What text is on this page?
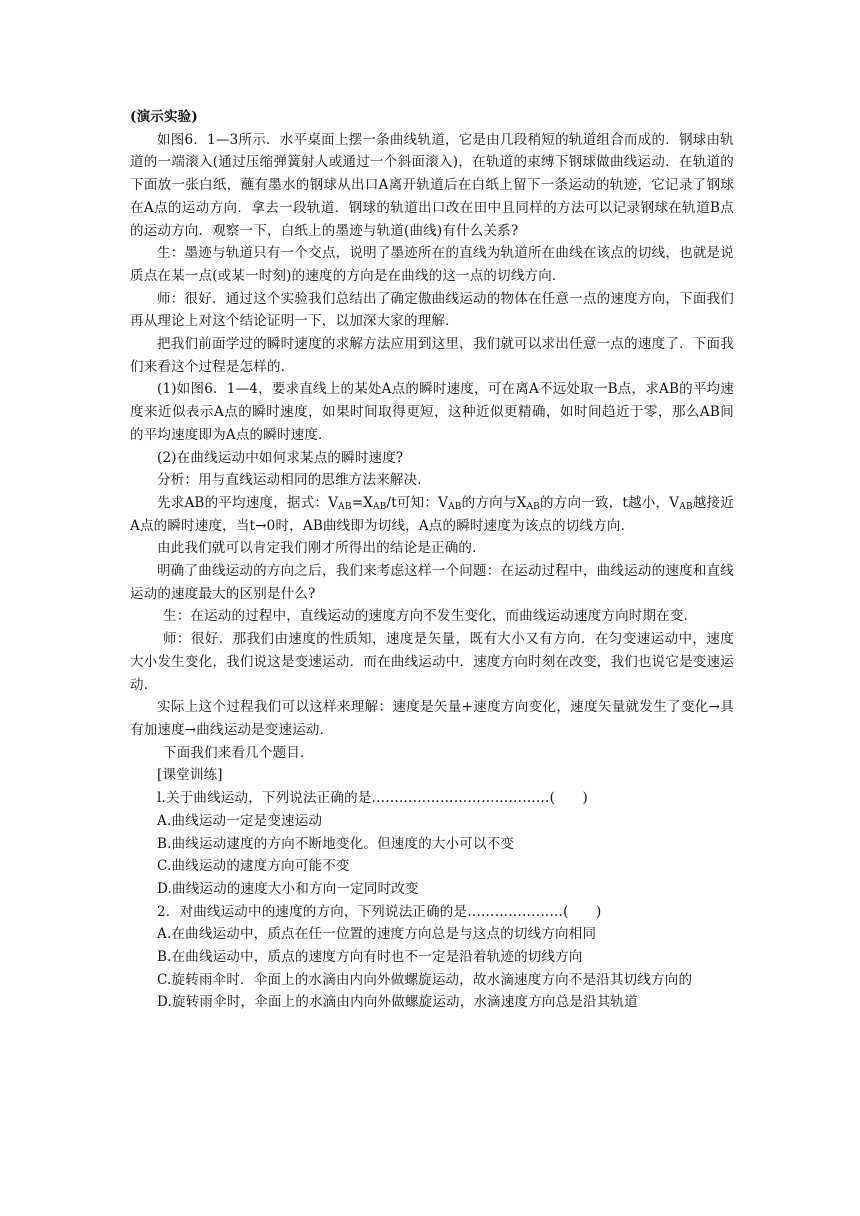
(演示实验)

如图6．1—3所示．水平桌面上摆一条曲线轨道，它是由几段稍短的轨道组合而成的．钢球由轨道的一端滚入(通过压缩弹簧射人或通过一个斜面滚入)，在轨道的束缚下钢球做曲线运动．在轨道的下面放一张白纸，蘸有墨水的钢球从出口A离开轨道后在白纸上留下一条运动的轨迹，它记录了钢球在A点的运动方向．拿去一段轨道．钢球的轨道出口改在田中且同样的方法可以记录钢球在轨道B点的运动方向．观察一下，白纸上的墨迹与轨道(曲线)有什么关系?

生：墨迹与轨道只有一个交点，说明了墨迹所在的直线为轨道所在曲线在该点的切线，也就是说质点在某一点(或某一时刻)的速度的方向是在曲线的这一点的切线方向．

师：很好．通过这个实验我们总结出了确定傲曲线运动的物体在任意一点的速度方向，下面我们再从理论上对这个结论证明一下，以加深大家的理解．

把我们前面学过的瞬时速度的求解方法应用到这里，我们就可以求出任意一点的速度了．下面我们来看这个过程是怎样的．

(1)如图6．1—4，要求直线上的某处A点的瞬时速度，可在离A不远处取一B点，求AB的平均速度来近似表示A点的瞬时速度，如果时间取得更短，这种近似更精确，如时间趋近于零，那么AB间的平均速度即为A点的瞬时速度．

(2)在曲线运动中如何求某点的瞬时速度?

分析：用与直线运动相同的思维方法来解决．

先求AB的平均速度，据式：$V_{AB}=X_{AB}/t$可知：$V_{AB}$的方向与$X_{AB}$的方向一致，t越小，$V_{AB}$越接近A点的瞬时速度，当t→0时，AB曲线即为切线，A点的瞬时速度为该点的切线方向．

由此我们就可以肯定我们刚才所得出的结论是正确的．

明确了曲线运动的方向之后，我们来考虑这样一个问题：在运动过程中，曲线运动的速度和直线运动的速度最大的区别是什么?

生：在运动的过程中，直线运动的速度方向不发生变化，而曲线运动速度方向时期在变．

师：很好．那我们由速度的性质知，速度是矢量，既有大小又有方向．在匀变速运动中，速度大小发生变化，我们说这是变速运动．而在曲线运动中．速度方向时刻在改变，我们也说它是变速运动．

实际上这个过程我们可以这样来理解：速度是矢量+速度方向变化，速度矢量就发生了变化→具有加速度→曲线运动是变速运动．

下面我们来看几个题目．

[课堂训练]

l.关于曲线运动，下列说法正确的是…………………………………(　　)

A.曲线运动一定是变速运动

B.曲线运动逮度的方向不断地变化。但速度的大小可以不变

C.曲线运动的逮度方向可能不变

D.曲线运动的速度大小和方向一定同时改变

2．对曲线运动中的速度的方向，下列说法正确的是…………………(　　)

A.在曲线运动中，质点在任一位置的速度方向总是与这点的切线方向相同

B.在曲线运动中，质点的速度方向有时也不一定是沿着轨迹的切线方向

C.旋转雨伞时．伞面上的水滴由内向外做螺旋运动，故水滴速度方向不是沿其切线方向的

D.旋转雨伞时，伞面上的水滴由内向外做螺旋运动，水滴速度方向总是沿其轨道
